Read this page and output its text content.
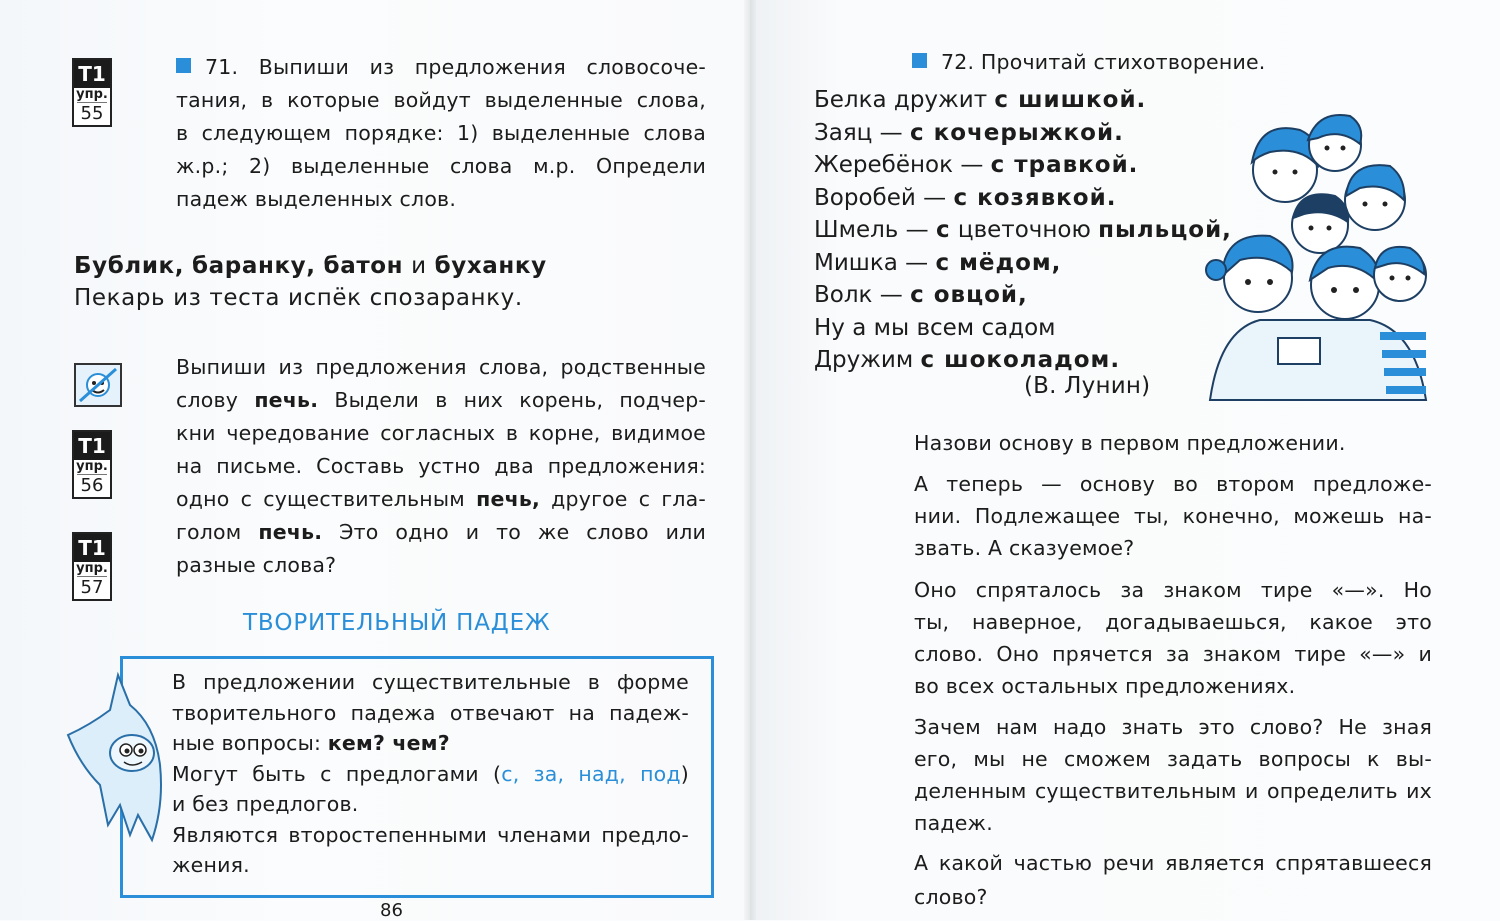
71. Выпиши из предложения словосоче-
тания, в которые войдут выделенные слова,
в следующем порядке: 1) выделенные слова
ж.р.; 2) выделенные слова м.р. Определи
падеж выделенных слов.
T1
упр.
55
T1
упр.
56
T1
упр.
57
Бублик, баранку, батон и буханку
Пекарь из теста испёк спозаранку.
Выпиши из предложения слова, родственные
слову печь. Выдели в них корень, подчер-
кни чередование согласных в корне, видимое
на письме. Составь устно два предложения:
одно с существительным печь, другое с гла-
голом печь. Это одно и то же слово или
разные слова?
ТВОРИТЕЛЬНЫЙ ПАДЕЖ
В предложении существительные в форме
творительного падежа отвечают на падеж-
ные вопросы: кем? чем?
Могут быть с предлогами (с, за, над, под)
и без предлогов.
Являются второстепенными членами предло-
жения.
86
72. Прочитай стихотворение.
Белка дружит с шишкой.
Заяц — с кочерыжкой.
Жеребёнок — с травкой.
Воробей — с козявкой.
Шмель — с цветочною пыльцой,
Мишка — с мёдом,
Волк — с овцой,
Ну а мы всем садом
Дружим с шоколадом.
(В. Лунин)
Назови основу в первом предложении.
А теперь — основу во втором предложе-
нии. Подлежащее ты, конечно, можешь на-
звать. А сказуемое?
Оно спряталось за знаком тире «—». Но
ты, наверное, догадываешься, какое это
слово. Оно прячется за знаком тире «—» и
во всех остальных предложениях.
Зачем нам надо знать это слово? Не зная
его, мы не сможем задать вопросы к вы-
деленным существительным и определить их
падеж.
А какой частью речи является спрятавшееся
слово?
